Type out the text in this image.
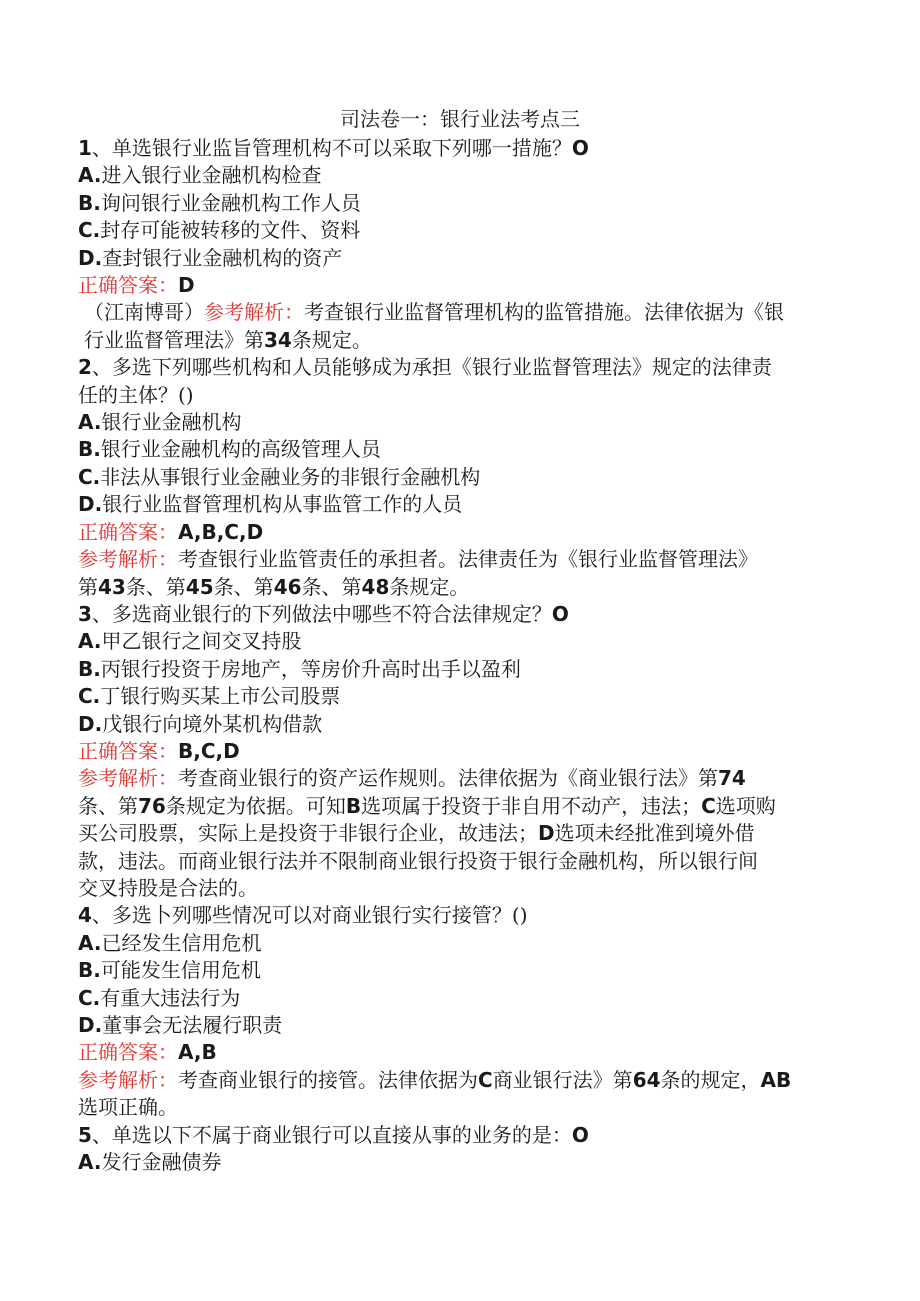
司法卷一：银行业法考点三

1、单选银行业监旨管理机构不可以采取下列哪一措施？O

A.进入银行业金融机构检查

B.询问银行业金融机构工作人员

C.封存可能被转移的文件、资料

D.查封银行业金融机构的资产

正确答案：D

（江南博哥）参考解析：考查银行业监督管理机构的监管措施。法律依据为《银

行业监督管理法》第34条规定。

2、多选下列哪些机构和人员能够成为承担《银行业监督管理法》规定的法律责

任的主体？()

A.银行业金融机构

B.银行业金融机构的高级管理人员

C.非法从事银行业金融业务的非银行金融机构

D.银行业监督管理机构从事监管工作的人员

正确答案：A,B,C,D

参考解析：考查银行业监管责任的承担者。法律责任为《银行业监督管理法》

第43条、第45条、第46条、第48条规定。

3、多选商业银行的下列做法中哪些不符合法律规定？O

A.甲乙银行之间交叉持股

B.丙银行投资于房地产，等房价升高时出手以盈利

C.丁银行购买某上市公司股票

D.戊银行向境外某机构借款

正确答案：B,C,D

参考解析：考查商业银行的资产运作规则。法律依据为《商业银行法》第74

条、第76条规定为依据。可知B选项属于投资于非自用不动产，违法；C选项购

买公司股票，实际上是投资于非银行企业，故违法；D选项未经批准到境外借

款，违法。而商业银行法并不限制商业银行投资于银行金融机构，所以银行间

交叉持股是合法的。

4、多选卜列哪些情况可以对商业银行实行接管？()

A.已经发生信用危机

B.可能发生信用危机

C.有重大违法行为

D.董事会无法履行职责

正确答案：A,B

参考解析：考查商业银行的接管。法律依据为C商业银行法》第64条的规定，AB

选项正确。

5、单选以下不属于商业银行可以直接从事的业务的是：O

A.发行金融债券
